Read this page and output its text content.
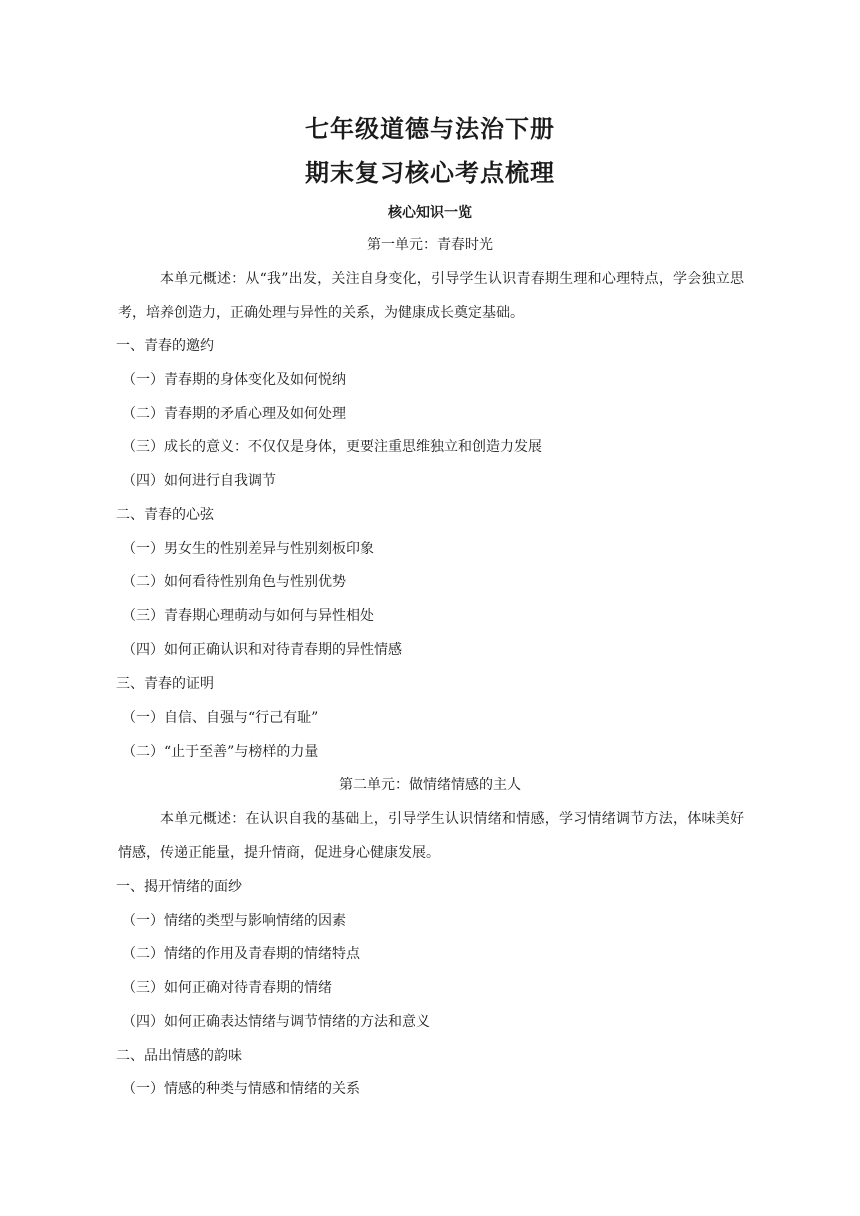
七年级道德与法治下册
期末复习核心考点梳理
核心知识一览
第一单元：青春时光
本单元概述：从“我”出发，关注自身变化，引导学生认识青春期生理和心理特点，学会独立思考，培养创造力，正确处理与异性的关系，为健康成长奠定基础。
一、青春的邀约
（一）青春期的身体变化及如何悦纳
（二）青春期的矛盾心理及如何处理
（三）成长的意义：不仅仅是身体，更要注重思维独立和创造力发展
（四）如何进行自我调节
二、青春的心弦
（一）男女生的性别差异与性别刻板印象
（二）如何看待性别角色与性别优势
（三）青春期心理萌动与如何与异性相处
（四）如何正确认识和对待青春期的异性情感
三、青春的证明
（一）自信、自强与“行己有耻”
（二）“止于至善”与榜样的力量
第二单元：做情绪情感的主人
本单元概述：在认识自我的基础上，引导学生认识情绪和情感，学习情绪调节方法，体味美好情感，传递正能量，提升情商，促进身心健康发展。
一、揭开情绪的面纱
（一）情绪的类型与影响情绪的因素
（二）情绪的作用及青春期的情绪特点
（三）如何正确对待青春期的情绪
（四）如何正确表达情绪与调节情绪的方法和意义
二、品出情感的韵味
（一）情感的种类与情感和情绪的关系
